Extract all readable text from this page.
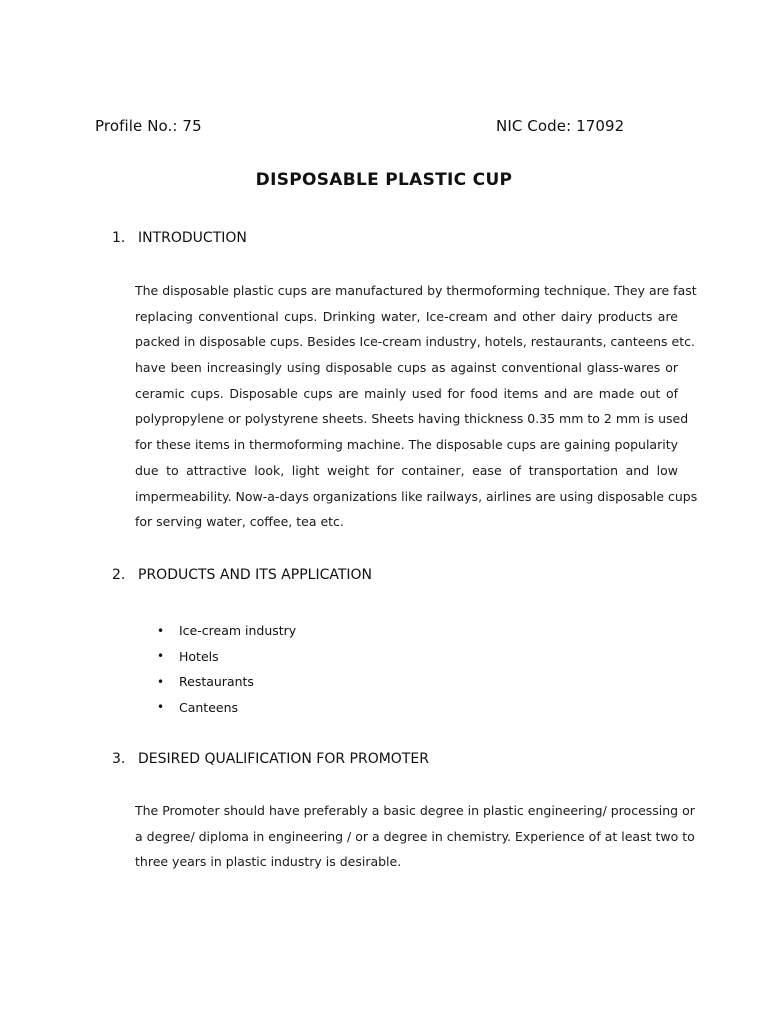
Profile No.: 75	NIC Code: 17092
DISPOSABLE PLASTIC CUP
1. INTRODUCTION
The disposable plastic cups are manufactured by thermoforming technique. They are fast
replacing conventional cups. Drinking water, Ice-cream and other dairy products are
packed in disposable cups. Besides Ice-cream industry, hotels, restaurants, canteens etc.
have been increasingly using disposable cups as against conventional glass-wares or
ceramic cups. Disposable cups are mainly used for food items and are made out of
polypropylene or polystyrene sheets. Sheets having thickness 0.35 mm to 2 mm is used
for these items in thermoforming machine. The disposable cups are gaining popularity
due to attractive look, light weight for container, ease of transportation and low
impermeability. Now-a-days organizations like railways, airlines are using disposable cups
for serving water, coffee, tea etc.
2. PRODUCTS AND ITS APPLICATION
•	Ice-cream industry
•	Hotels
•	Restaurants
•	Canteens
3. DESIRED QUALIFICATION FOR PROMOTER
The Promoter should have preferably a basic degree in plastic engineering/ processing or
a degree/ diploma in engineering / or a degree in chemistry. Experience of at least two to
three years in plastic industry is desirable.
